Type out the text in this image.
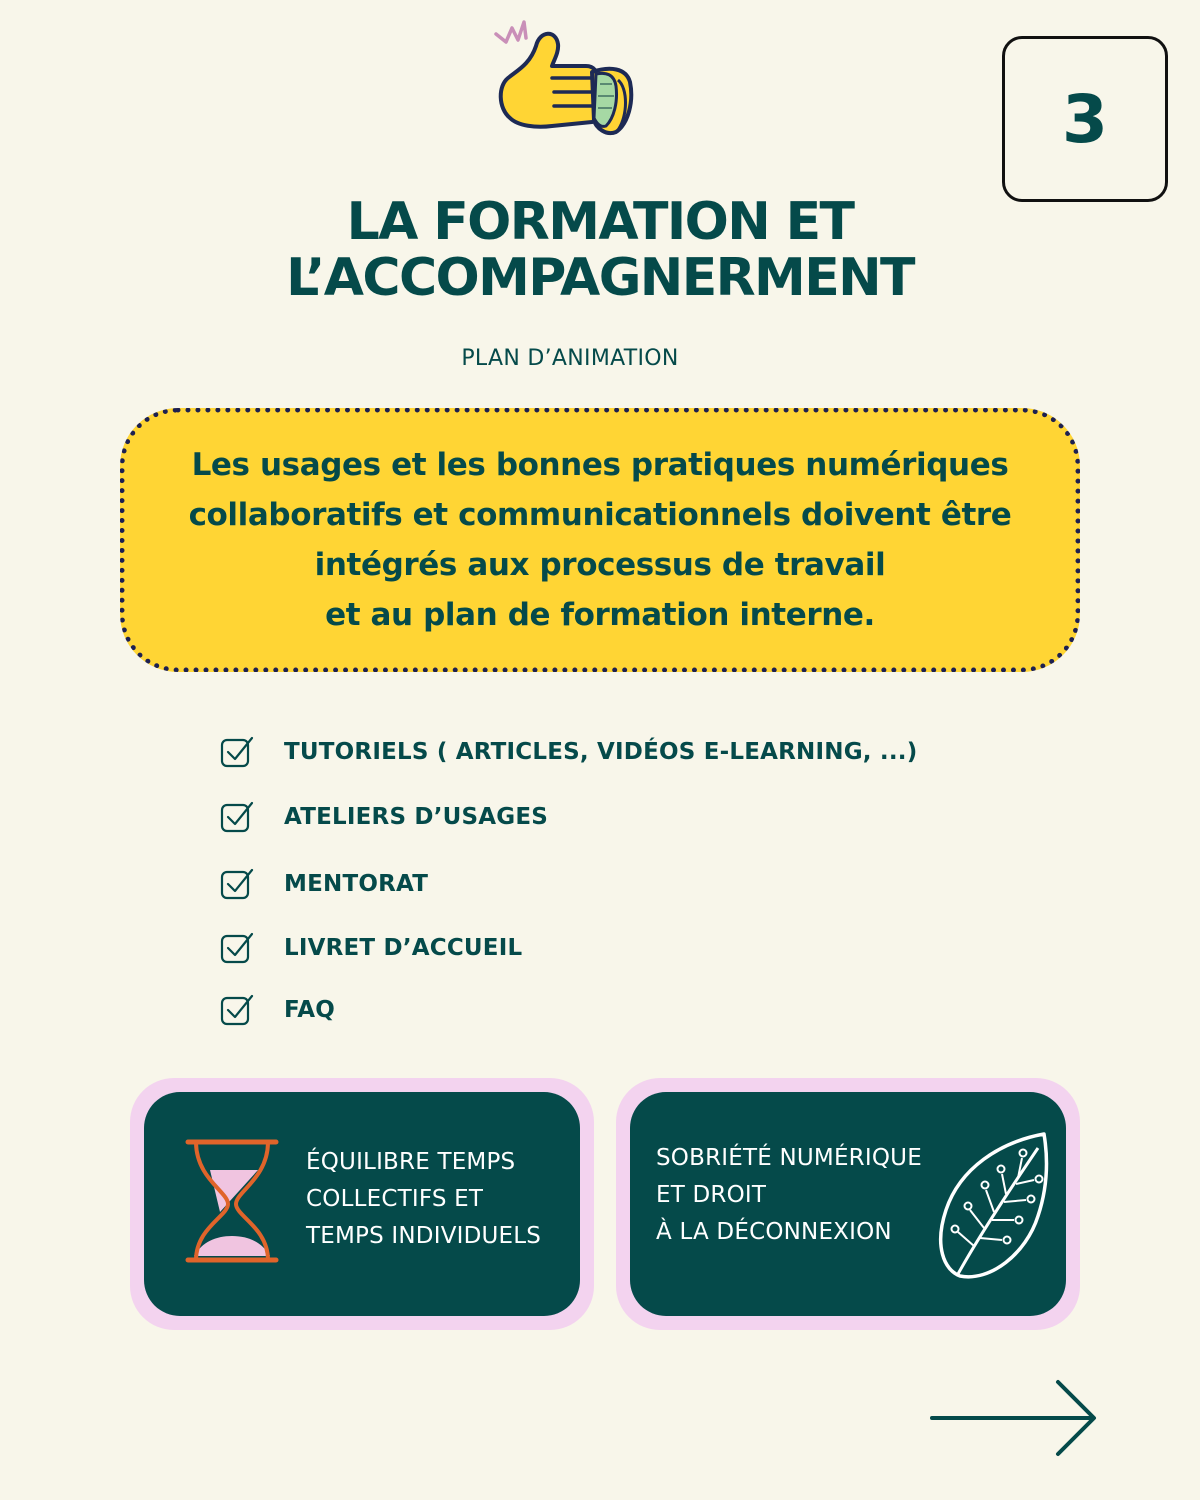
3
LA FORMATION ET
L’ACCOMPAGNERMENT
PLAN D’ANIMATION
Les usages et les bonnes pratiques numériques
collaboratifs et communicationnels doivent être
intégrés aux processus de travail
et au plan de formation interne.
TUTORIELS ( ARTICLES, VIDÉOS E-LEARNING, ...)
ATELIERS D’USAGES
MENTORAT
LIVRET D’ACCUEIL
FAQ
ÉQUILIBRE TEMPS
COLLECTIFS ET
TEMPS INDIVIDUELS
SOBRIÉTÉ NUMÉRIQUE
ET DROIT
À LA DÉCONNEXION
